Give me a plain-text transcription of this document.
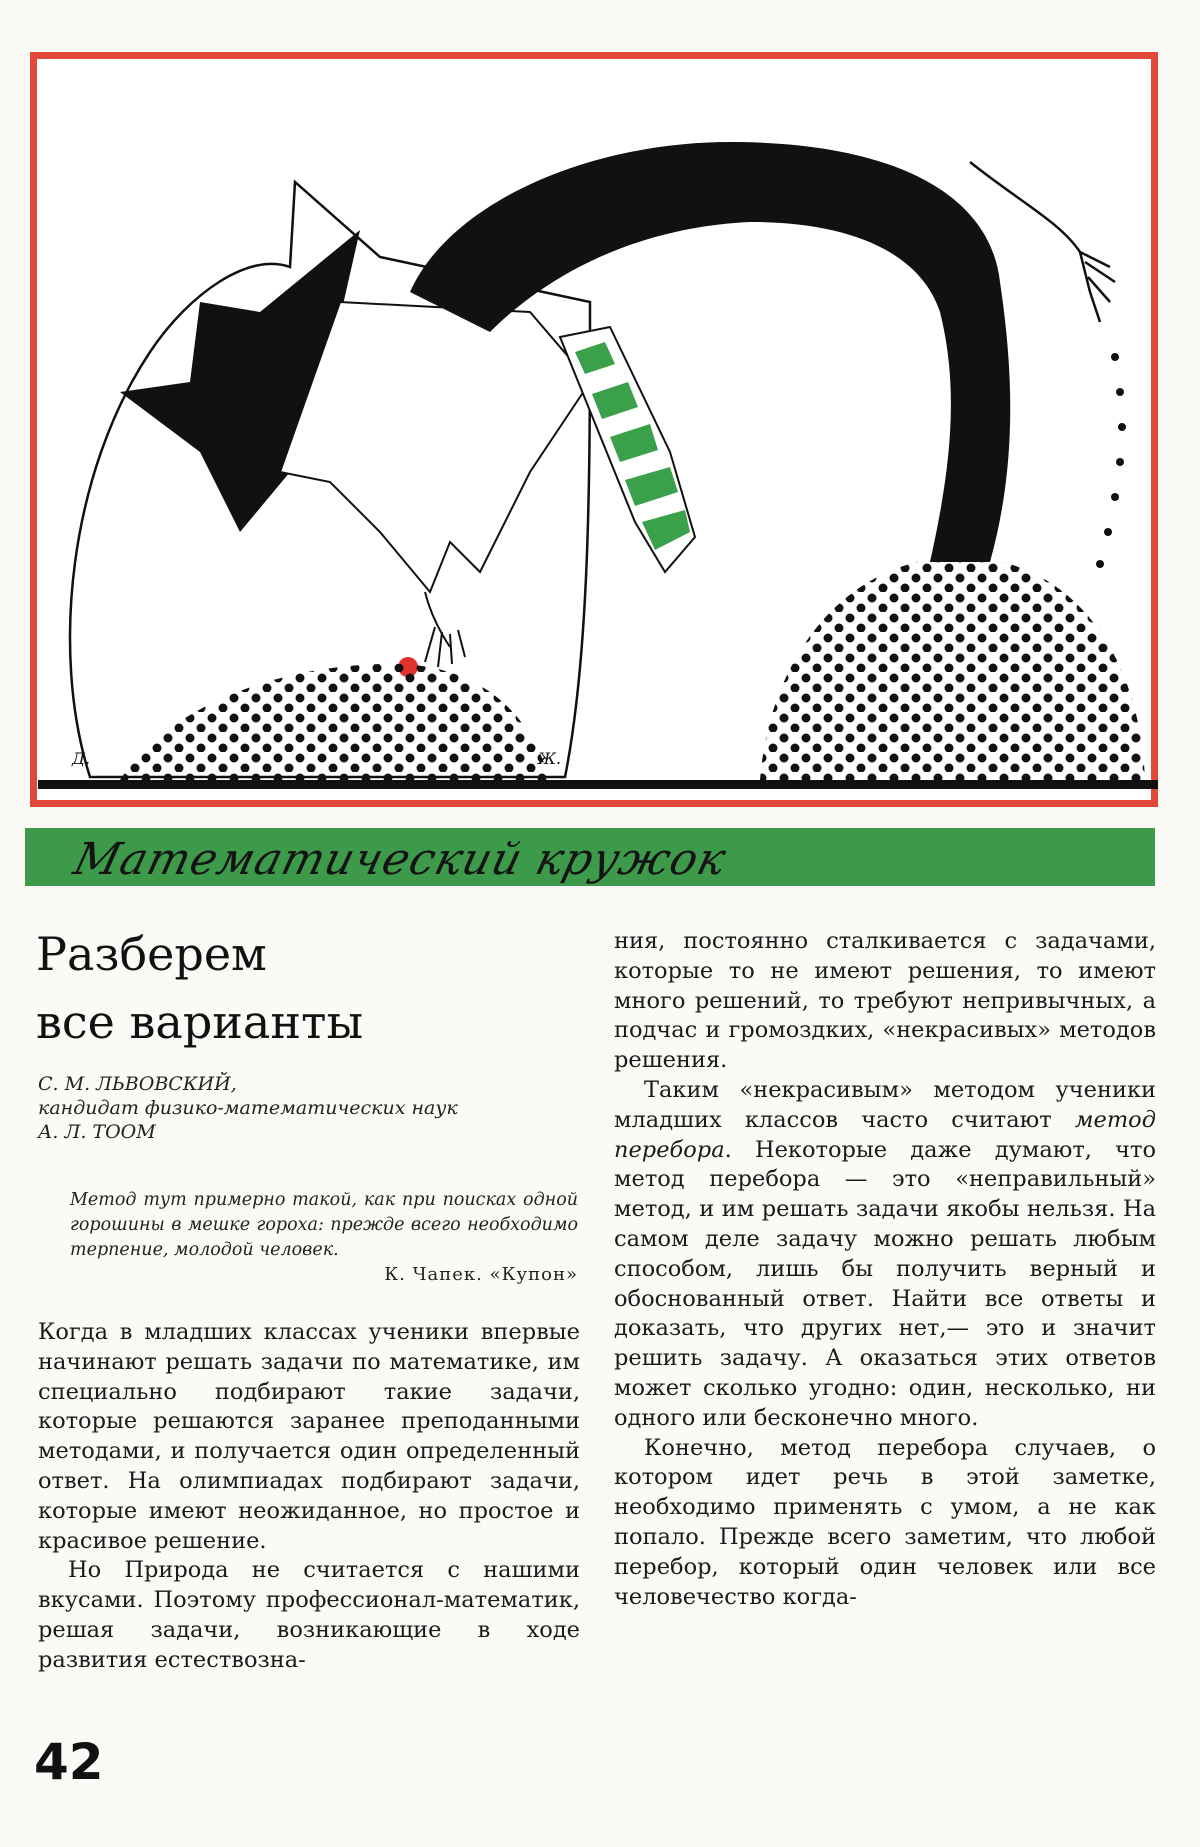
Д.	Ж.
Математический кружок
Разберем
все варианты
С. М. ЛЬВОВСКИЙ,
кандидат физико-математических наук
А. Л. ТООМ
Метод тут примерно такой, как при поисках одной горошины в мешке гороха: прежде всего необходимо терпение, молодой человек.
К. Чапек. «Купон»

Когда в младших классах ученики впервые начинают решать задачи по математике, им специально подбирают такие задачи, которые решаются заранее преподанными методами, и получается один определенный ответ. На олимпиадах подбирают задачи, которые имеют неожиданное, но простое и красивое решение.

Но Природа не считается с нашими вкусами. Поэтому профессионал-математик, решая задачи, возникающие в ходе развития естествозна-

ния, постоянно сталкивается с задачами, которые то не имеют решения, то имеют много решений, то требуют непривычных, а подчас и громоздких, «некрасивых» методов решения.

Таким «некрасивым» методом ученики младших классов часто считают метод перебора. Некоторые даже думают, что метод перебора — это «неправильный» метод, и им решать задачи якобы нельзя. На самом деле задачу можно решать любым способом, лишь бы получить верный и обоснованный ответ. Найти все ответы и доказать, что других нет,— это и значит решить задачу. А оказаться этих ответов может сколько угодно: один, несколько, ни одного или бесконечно много.

Конечно, метод перебора случаев, о котором идет речь в этой заметке, необходимо применять с умом, а не как попало. Прежде всего заметим, что любой перебор, который один человек или все человечество когда-

42
